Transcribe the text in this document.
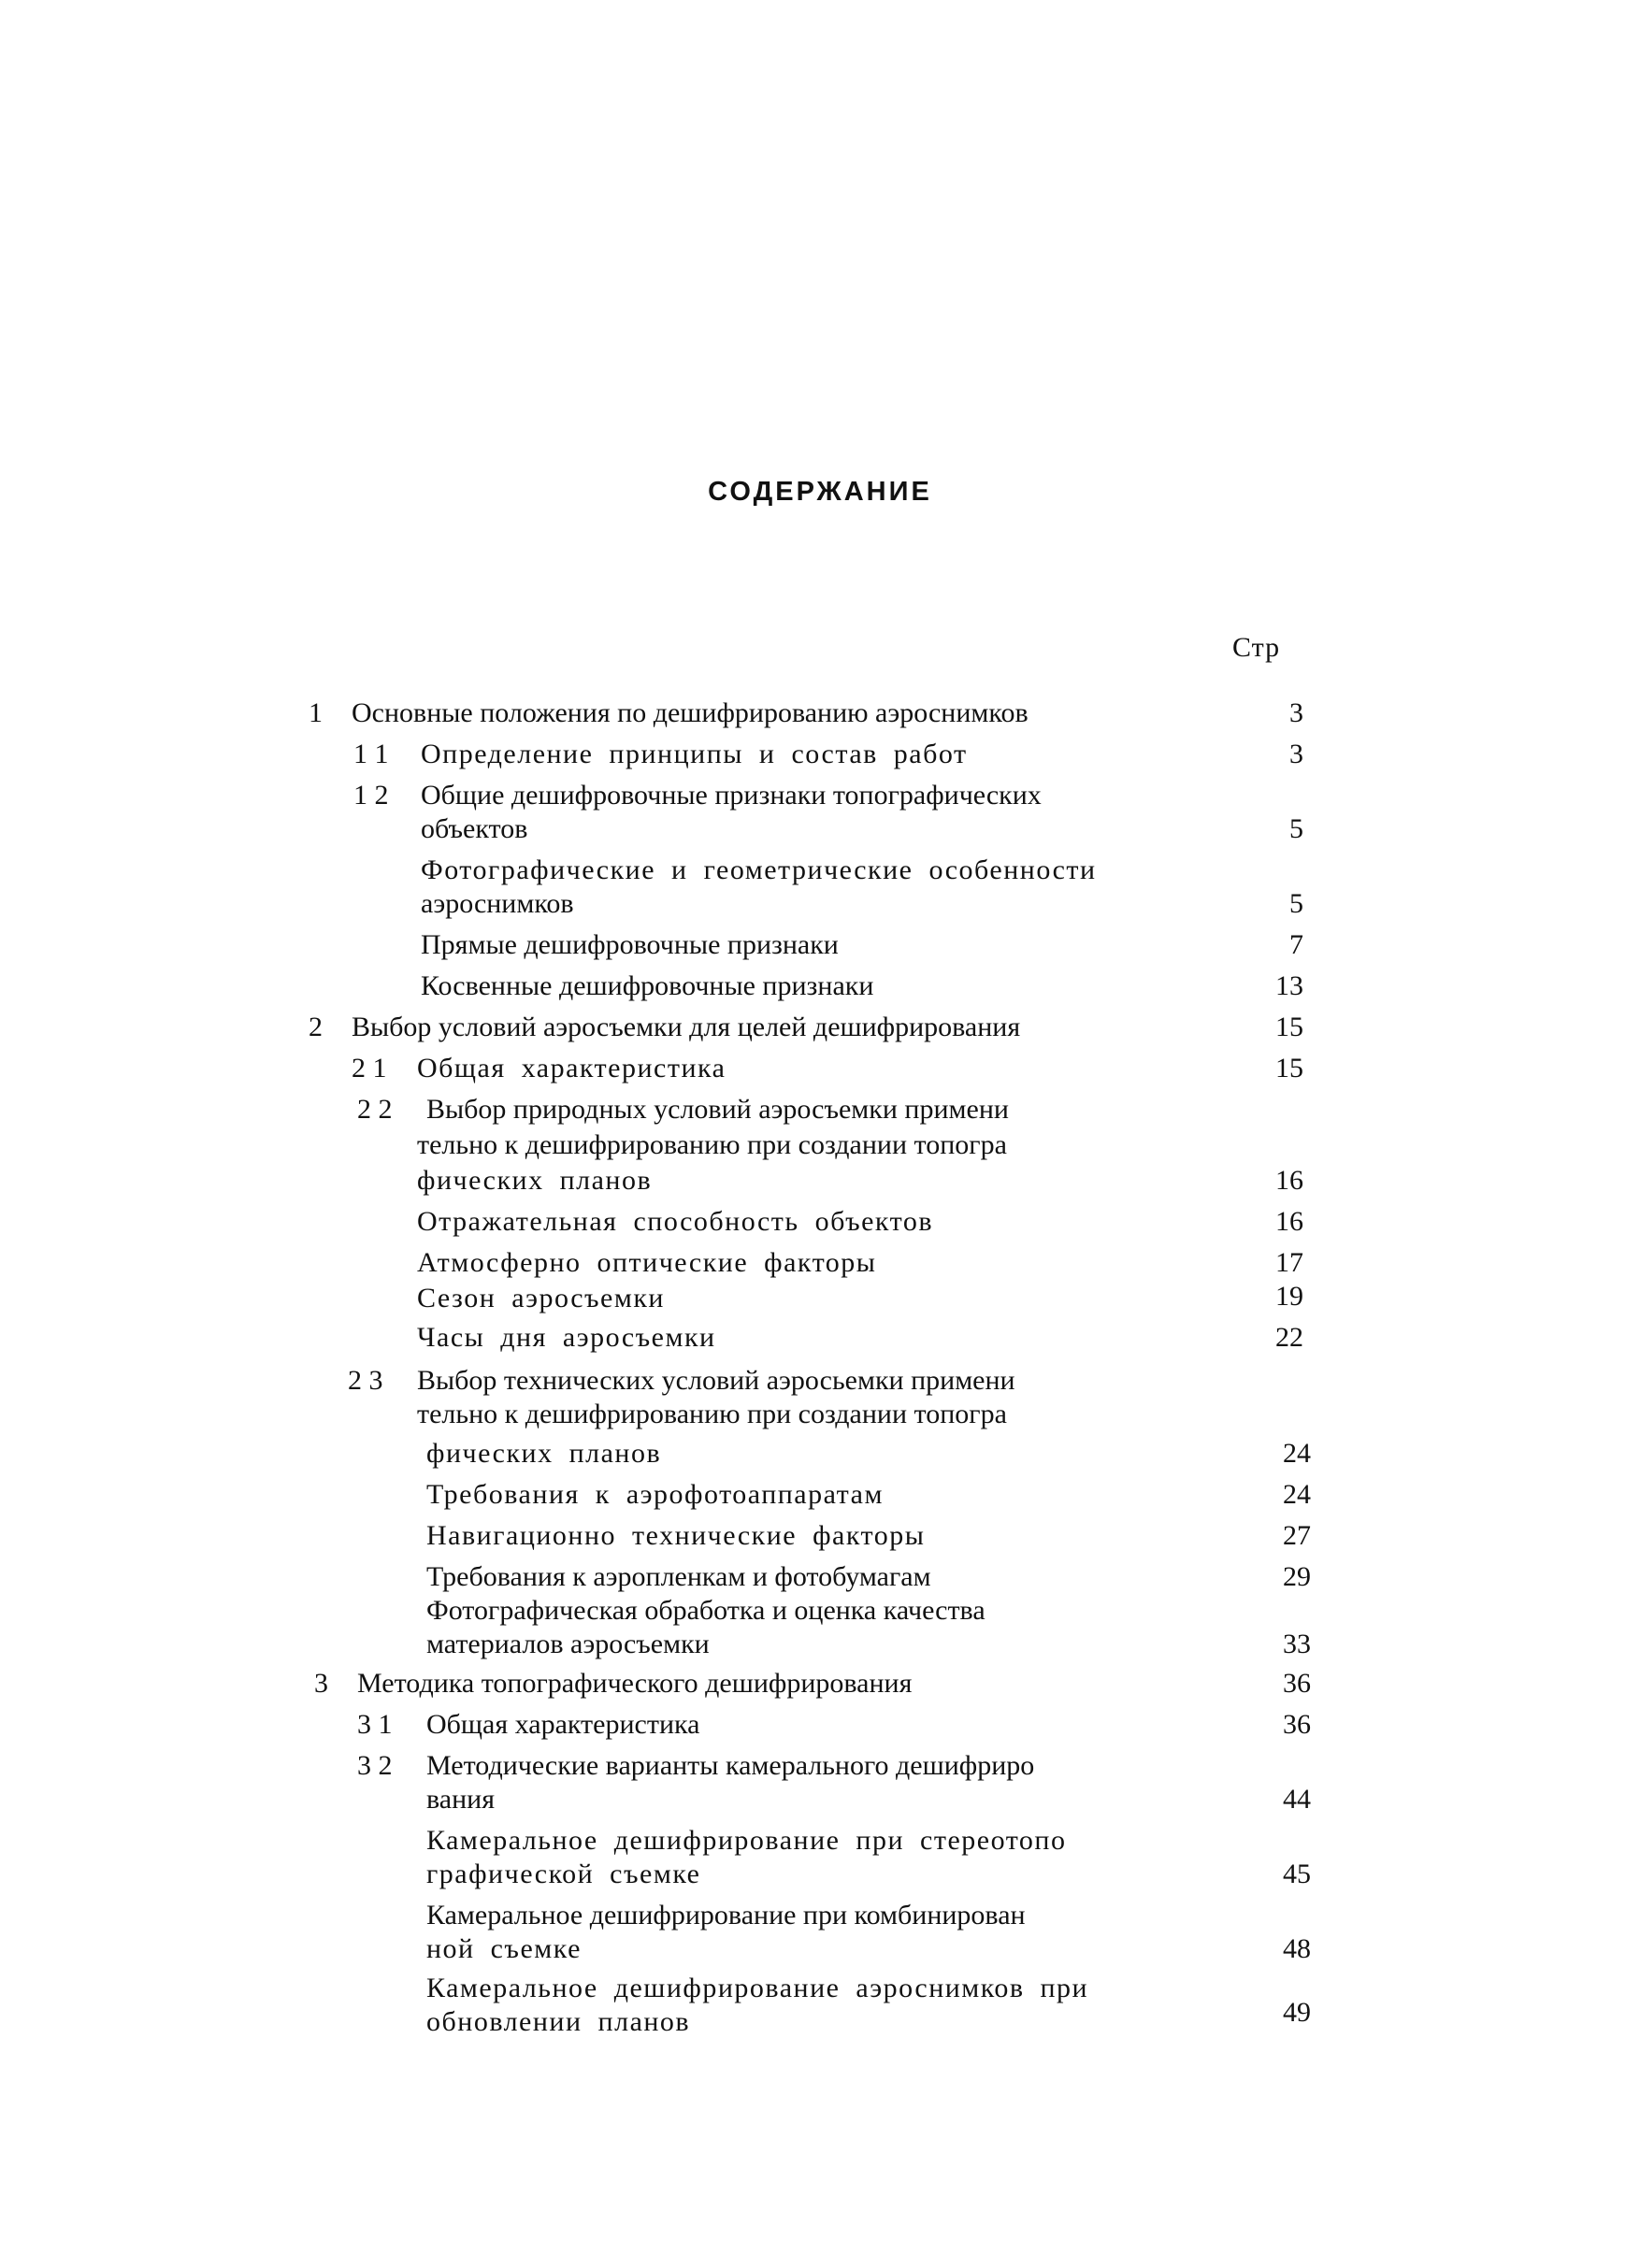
СОДЕРЖАНИЕ
Стр
1 Основные положения по дешифрированию аэроснимков	3
1 1 Определение принципы и состав работ	3
1 2 Общие дешифровочные признаки топографических
объектов	5
Фотографические и геометрические особенности
аэроснимков	5
Прямые дешифровочные признаки	7
Косвенные дешифровочные признаки	13
2 Выбор условий аэросъемки для целей дешифрирования	15
2 1 Общая характеристика	15
2 2 Выбор природных условий аэросъемки примени
тельно к дешифрированию при создании топогра
фических планов	16
Отражательная способность объектов	16
Атмосферно оптические факторы	17
Сезон аэросъемки	19
Часы дня аэросъемки	22
2 3 Выбор технических условий аэросьемки примени
тельно к дешифрированию при создании топогра
фических планов	24
Требования к аэрофотоаппаратам	24
Навигационно технические факторы	27
Требования к аэропленкам и фотобумагам	29
Фотографическая обработка и оценка качества
материалов аэросъемки	33
3 Методика топографического дешифрирования	36
3 1 Общая характеристика	36
3 2 Методические варианты камерального дешифриро
вания	44
Камеральное дешифрирование при стереотопо
графической съемке	45
Камеральное дешифрирование при комбинирован
ной съемке	48
Камеральное дешифрирование аэроснимков при
обновлении планов	49
